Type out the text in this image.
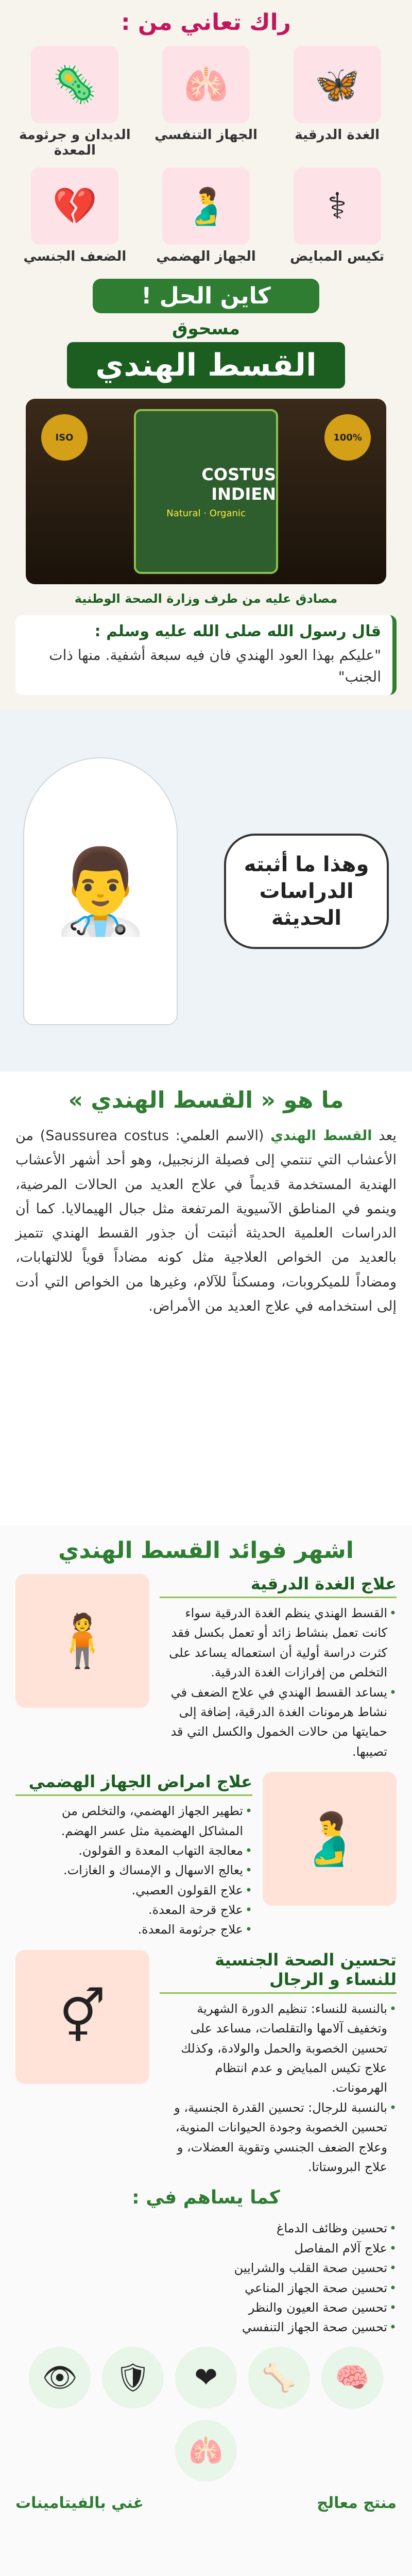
راك تعاني من :
🦋
الغدة الدرقية
🫁
الجهاز التنفسي
🦠
الديدان و جرثومة المعدة
⚕
تكيس المبايض
🫃
الجهاز الهضمي
💔
الضعف الجنسي
كاين الحل !
مسحوق
القسط الهندي
ISO
COSTUS INDIEN
Natural · Organic
100%
مصادق عليه من طرف وزارة الصحة الوطنية
قال رسول الله صلى الله عليه وسلم :
"عليكم بهذا العود الهندي فان فيه سبعة أشفية. منها ذات الجنب"
وهذا ما أثبته الدراسات الحديثة
👨‍⚕
ما هو « القسط الهندي »

يعد القسط الهندي (الاسم العلمي: Saussurea costus) من الأعشاب التي تنتمي إلى فصيلة الزنجبيل، وهو أحد أشهر الأعشاب الهندية المستخدمة قديماً في علاج العديد من الحالات المرضية، وينمو في المناطق الآسيوية المرتفعة مثل جبال الهيمالايا. كما أن الدراسات العلمية الحديثة أثبتت أن جذور القسط الهندي تتميز بالعديد من الخواص العلاجية مثل كونه مضاداً قوياً للالتهابات، ومضاداً للميكروبات، ومسكناً للآلام، وغيرها من الخواص التي أدت إلى استخدامه في علاج العديد من الأمراض.

اشهر فوائد القسط الهندي
علاج الغدة الدرقية
• القسط الهندي ينظم الغدة الدرقية سواء كانت تعمل بنشاط زائد أو تعمل بكسل فقد كثرت دراسة أولية أن استعماله يساعد على التخلص من إفرازات الغدة الدرقية.
• يساعد القسط الهندي في علاج الضعف في نشاط هرمونات الغدة الدرقية، إضافة إلى حمايتها من حالات الخمول والكسل التي قد تصيبها.
🧍
🫃
علاج امراض الجهاز الهضمي
• تطهير الجهاز الهضمي، والتخلص من المشاكل الهضمية مثل عسر الهضم.
• معالجة التهاب المعدة و القولون.
• يعالج الاسهال و الإمساك و الغازات.
• علاج القولون العصبي.
• علاج قرحة المعدة.
• علاج جرثومة المعدة.
تحسين الصحة الجنسية للنساء و الرجال
• بالنسبة للنساء: تنظيم الدورة الشهرية وتخفيف آلامها والتقلصات، مساعد على تحسين الخصوبة والحمل والولادة، وكذلك علاج تكيس المبايض و عدم انتظام الهرمونات.
• بالنسبة للرجال: تحسين القدرة الجنسية، و تحسين الخصوبة وجودة الحيوانات المنوية، وعلاج الضعف الجنسي وتقوية العضلات، و علاج البروستاتا.
⚥
كما يساهم في :
• تحسين وظائف الدماغ
• علاج آلام المفاصل
• تحسين صحة القلب والشرايين
• تحسين صحة الجهاز المناعي
• تحسين صحة العيون والنظر
• تحسين صحة الجهاز التنفسي
🧠
🦴
❤
🛡
👁
🫁
منتج معالج
غني بالفيتامينات
